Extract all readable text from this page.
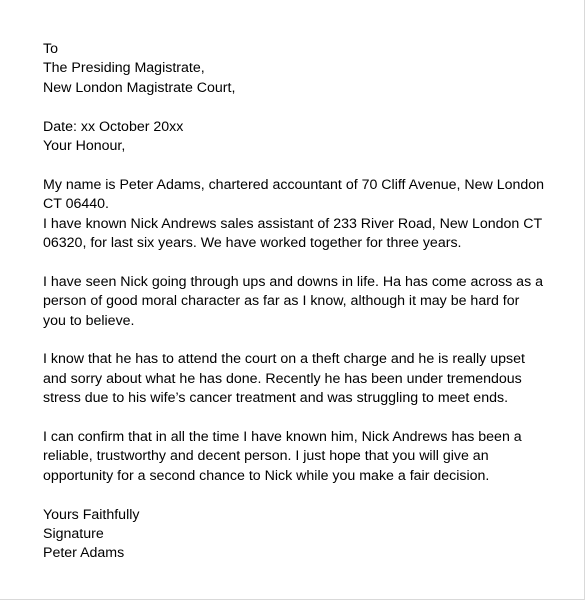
To
The Presiding Magistrate,
New London Magistrate Court,
Date: xx October 20xx
Your Honour,
My name is Peter Adams, chartered accountant of 70 Cliff Avenue, New London
CT 06440.
I have known Nick Andrews sales assistant of 233 River Road, New London CT
06320, for last six years. We have worked together for three years.
I have seen Nick going through ups and downs in life. Ha has come across as a
person of good moral character as far as I know, although it may be hard for
you to believe.
I know that he has to attend the court on a theft charge and he is really upset
and sorry about what he has done. Recently he has been under tremendous
stress due to his wife’s cancer treatment and was struggling to meet ends.
I can confirm that in all the time I have known him, Nick Andrews has been a
reliable, trustworthy and decent person. I just hope that you will give an
opportunity for a second chance to Nick while you make a fair decision.
Yours Faithfully
Signature
Peter Adams
